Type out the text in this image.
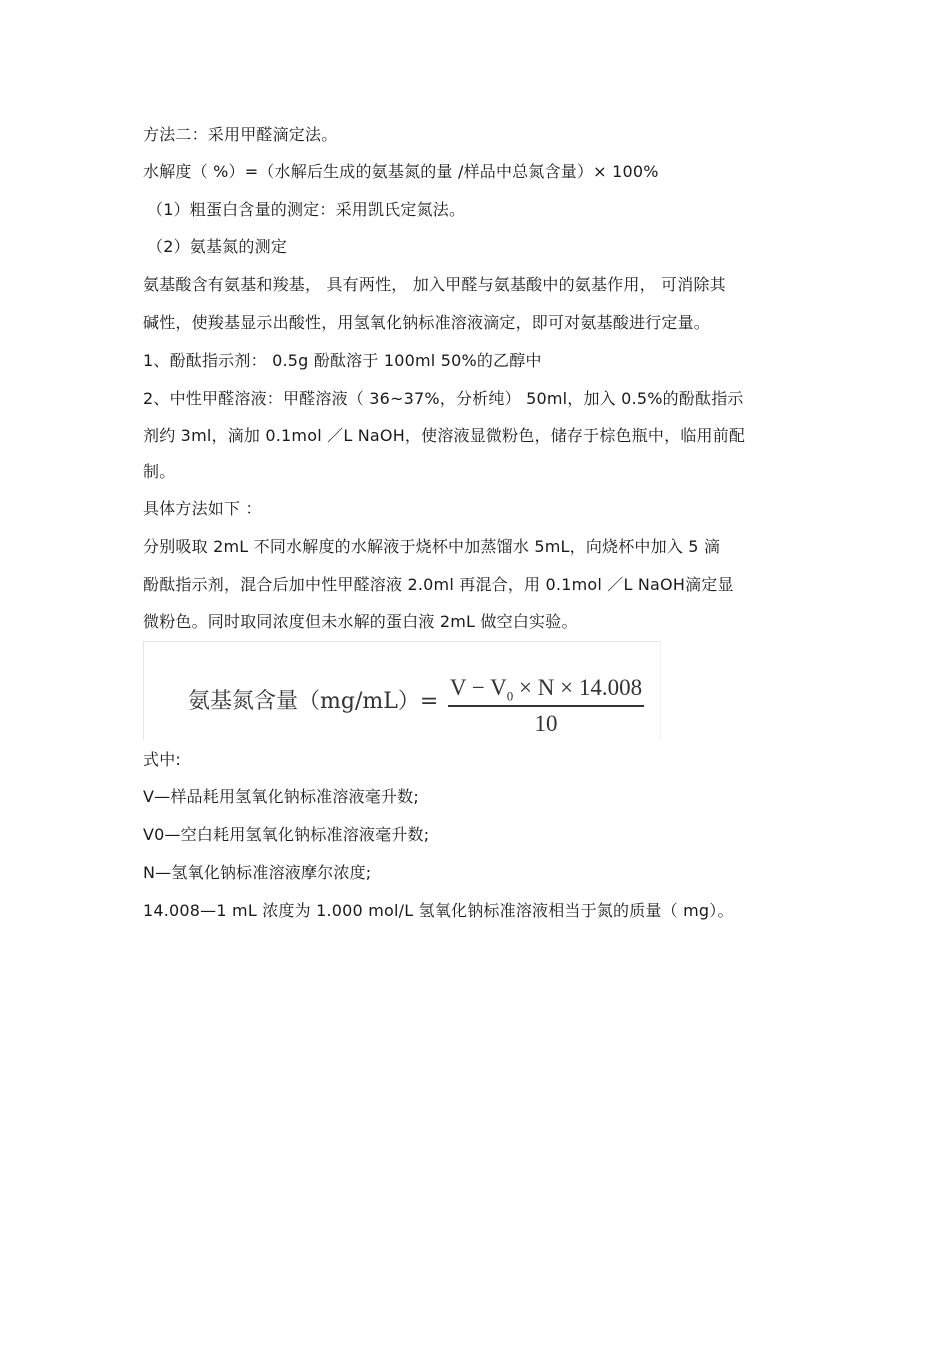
方法二：采用甲醛滴定法。
水解度（ %）=（水解后生成的氨基氮的量 /样品中总氮含量）× 100%
（1）粗蛋白含量的测定：采用凯氏定氮法。
（2）氨基氮的测定
氨基酸含有氨基和羧基， 具有两性， 加入甲醛与氨基酸中的氨基作用， 可消除其
碱性，使羧基显示出酸性，用氢氧化钠标准溶液滴定，即可对氨基酸进行定量。
1、酚酞指示剂： 0.5g 酚酞溶于 100ml 50%的乙醇中
2、中性甲醛溶液：甲醛溶液（ 36~37%，分析纯） 50ml，加入 0.5%的酚酞指示
剂约 3ml，滴加 0.1mol ／L NaOH，使溶液显微粉色，储存于棕色瓶中，临用前配
制。
具体方法如下 ：
分别吸取 2mL 不同水解度的水解液于烧杯中加蒸馏水 5mL，向烧杯中加入 5 滴
酚酞指示剂，混合后加中性甲醛溶液 2.0ml 再混合，用 0.1mol ／L NaOH滴定显
微粉色。同时取同浓度但未水解的蛋白液 2mL 做空白实验。
氨基氮含量（mg/mL）=
$V - V_0 \times N \times 14.008$
10
式中:
V—样品耗用氢氧化钠标准溶液毫升数;
V0—空白耗用氢氧化钠标准溶液毫升数;
N—氢氧化钠标准溶液摩尔浓度;
14.008—1 mL 浓度为 1.000 mol/L 氢氧化钠标准溶液相当于氮的质量（ mg）。
